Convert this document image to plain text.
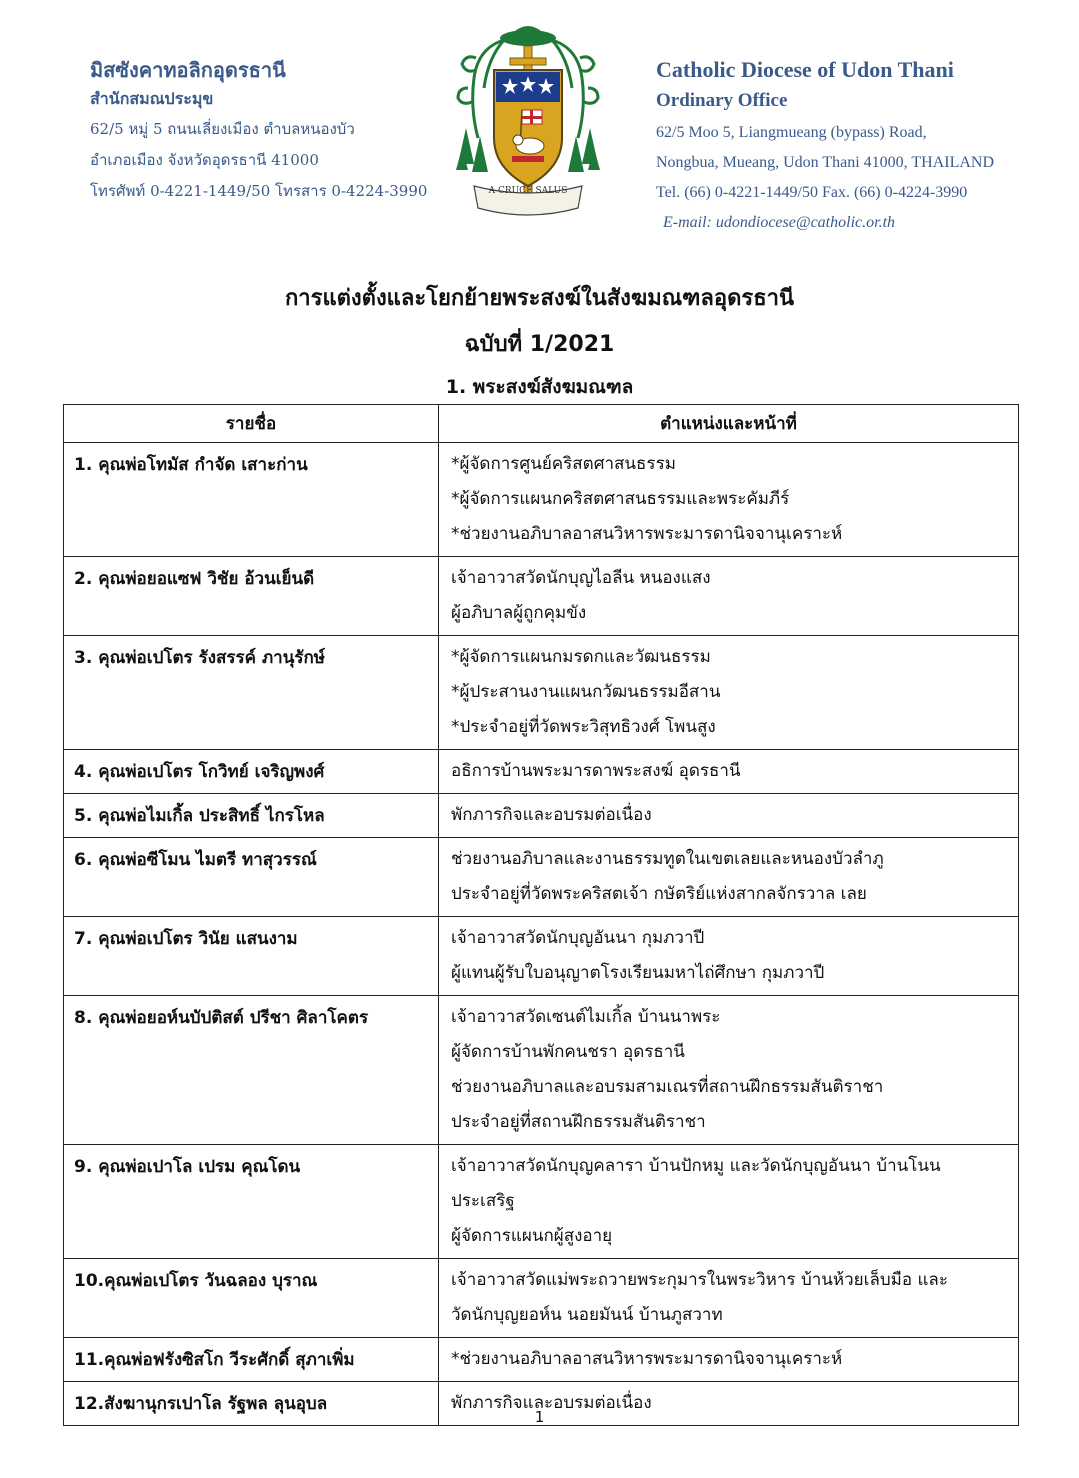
มิสซังคาทอลิกอุดรธานี
สำนักสมณประมุข
62/5 หมู่ 5 ถนนเลี่ยงเมือง ตำบลหนองบัว
อำเภอเมือง จังหวัดอุดรธานี 41000
โทรศัพท์ 0-4221-1449/50 โทรสาร 0-4224-3990	A CRUCE SALUS
Catholic Diocese of Udon Thani
Ordinary Office
62/5 Moo 5, Liangmueang (bypass) Road,
Nongbua, Mueang, Udon Thani 41000, THAILAND
Tel. (66) 0-4221-1449/50 Fax. (66) 0-4224-3990
E-mail: udondiocese@catholic.or.th
การแต่งตั้งและโยกย้ายพระสงฆ์ในสังฆมณฑลอุดรธานี
ฉบับที่ 1/2021
1. พระสงฆ์สังฆมณฑล
รายชื่อ	ตำแหน่งและหน้าที่
1. คุณพ่อโทมัส กำจัด เสาะก่าน	*ผู้จัดการศูนย์คริสตศาสนธรรม
*ผู้จัดการแผนกคริสตศาสนธรรมและพระคัมภีร์
*ช่วยงานอภิบาลอาสนวิหารพระมารดานิจจานุเคราะห์

2. คุณพ่อยอแซฟ วิชัย อ้วนเย็นดี	เจ้าอาวาสวัดนักบุญไอลีน หนองแสง
ผู้อภิบาลผู้ถูกคุมขัง

3. คุณพ่อเปโตร รังสรรค์ ภานุรักษ์	*ผู้จัดการแผนกมรดกและวัฒนธรรม
*ผู้ประสานงานแผนกวัฒนธรรมอีสาน
*ประจำอยู่ที่วัดพระวิสุทธิวงศ์ โพนสูง

4. คุณพ่อเปโตร โกวิทย์ เจริญพงศ์	อธิการบ้านพระมารดาพระสงฆ์ อุดรธานี

5. คุณพ่อไมเกิ้ล ประสิทธิ์ ไกรโหล	พักภารกิจและอบรมต่อเนื่อง

6. คุณพ่อซีโมน ไมตรี ทาสุวรรณ์	ช่วยงานอภิบาลและงานธรรมทูตในเขตเลยและหนองบัวลำภู
ประจำอยู่ที่วัดพระคริสตเจ้า กษัตริย์แห่งสากลจักรวาล เลย

7. คุณพ่อเปโตร วินัย แสนงาม	เจ้าอาวาสวัดนักบุญอันนา กุมภวาปี
ผู้แทนผู้รับใบอนุญาตโรงเรียนมหาไถ่ศึกษา กุมภวาปี

8. คุณพ่อยอห์นบัปติสต์ ปรีชา ศิลาโคตร	เจ้าอาวาสวัดเซนต์ไมเกิ้ล บ้านนาพระ
ผู้จัดการบ้านพักคนชรา อุดรธานี
ช่วยงานอภิบาลและอบรมสามเณรที่สถานฝึกธรรมสันติราชา
ประจำอยู่ที่สถานฝึกธรรมสันติราชา

9. คุณพ่อเปาโล เปรม คุณโดน	เจ้าอาวาสวัดนักบุญคลารา บ้านปักหมู และวัดนักบุญอันนา บ้านโนน
ประเสริฐ
ผู้จัดการแผนกผู้สูงอายุ

10.คุณพ่อเปโตร วันฉลอง บุราณ	เจ้าอาวาสวัดแม่พระถวายพระกุมารในพระวิหาร บ้านห้วยเล็บมือ และ
วัดนักบุญยอห์น นอยมันน์ บ้านภูสวาท

11.คุณพ่อฟรังซิสโก วีระศักดิ์ สุภาเพิ่ม	*ช่วยงานอภิบาลอาสนวิหารพระมารดานิจจานุเคราะห์

12.สังฆานุกรเปาโล รัฐพล ลุนอุบล	พักภารกิจและอบรมต่อเนื่อง
1
